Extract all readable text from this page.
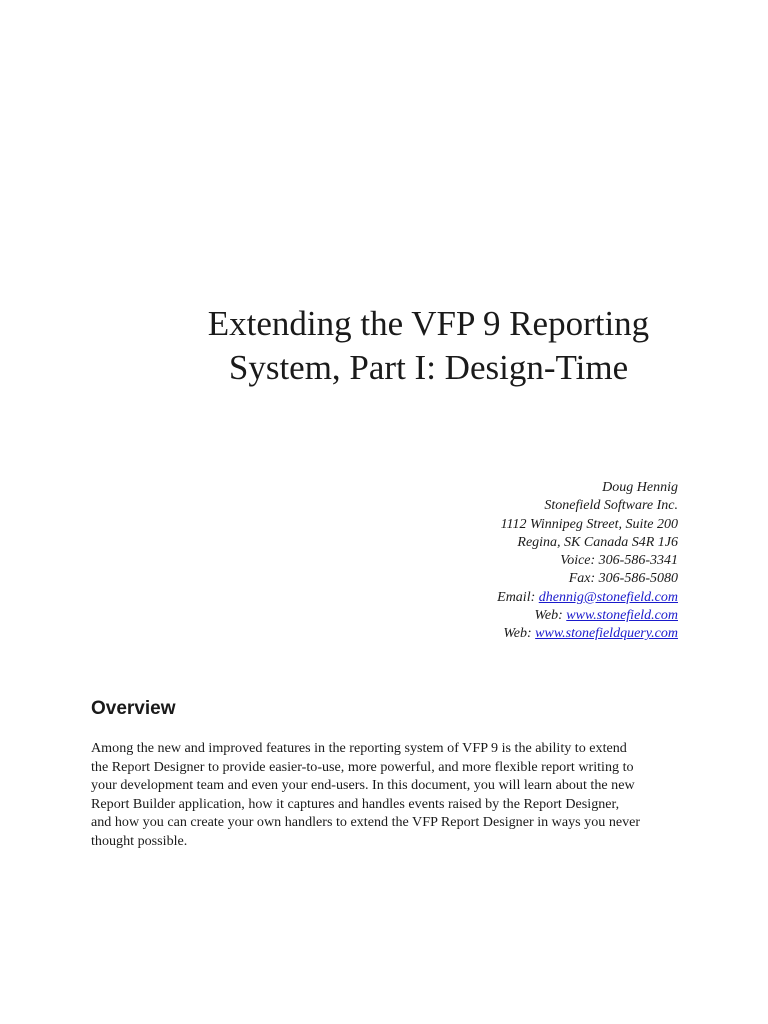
Extending the VFP 9 Reporting
System, Part I: Design-Time
Doug Hennig
Stonefield Software Inc.
1112 Winnipeg Street, Suite 200
Regina, SK Canada S4R 1J6
Voice: 306-586-3341
Fax: 306-586-5080
Email: dhennig@stonefield.com
Web: www.stonefield.com
Web: www.stonefieldquery.com
Overview

Among the new and improved features in the reporting system of VFP 9 is the ability to extend
the Report Designer to provide easier-to-use, more powerful, and more flexible report writing to
your development team and even your end-users. In this document, you will learn about the new
Report Builder application, how it captures and handles events raised by the Report Designer,
and how you can create your own handlers to extend the VFP Report Designer in ways you never
thought possible.
